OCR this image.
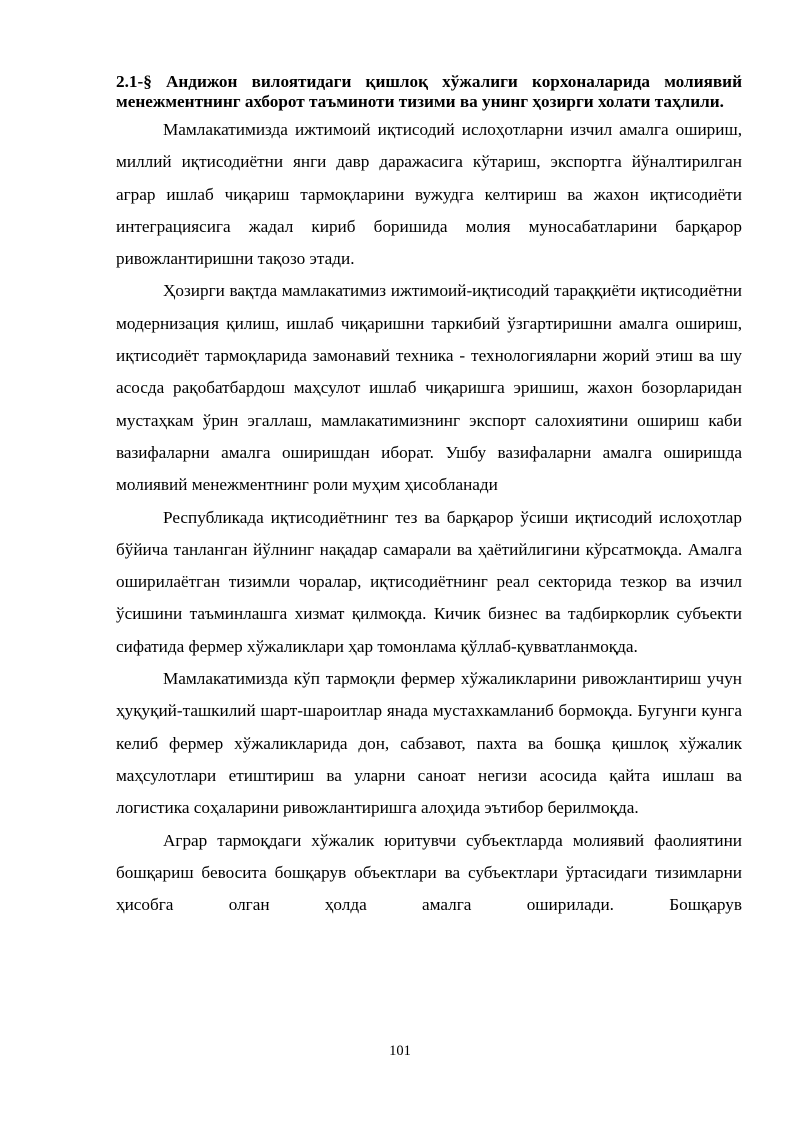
2.1-§ Андижон вилоятидаги қишлоқ хўжалиги корхоналарида молиявий менежментнинг ахборот таъминоти тизими ва унинг ҳозирги холати таҳлили.

Мамлакатимизда ижтимоий иқтисодий ислоҳотларни изчил амалга ошириш, миллий иқтисодиётни янги давр даражасига кўтариш, экспортга йўналтирилган аграр ишлаб чиқариш тармоқларини вужудга келтириш ва жахон иқтисодиёти интеграциясига жадал кириб боришида молия муносабатларини барқарор ривожлантиришни тақозо этади.

Ҳозирги вақтда мамлакатимиз ижтимоий-иқтисодий тараққиёти иқтисодиётни модернизация қилиш, ишлаб чиқаришни таркибий ўзгартиришни амалга ошириш, иқтисодиёт тармоқларида замонавий техника - технологияларни жорий этиш ва шу асосда рақобатбардош маҳсулот ишлаб чиқаришга эришиш, жахон бозорларидан мустаҳкам ўрин эгаллаш, мамлакатимизнинг экспорт салохиятини ошириш каби вазифаларни амалга оширишдан иборат. Ушбу вазифаларни амалга оширишда молиявий менежментнинг роли муҳим ҳисобланади

Республикада иқтисодиётнинг тез ва барқарор ўсиши иқтисодий ислоҳотлар бўйича танланган йўлнинг нақадар самарали ва ҳаётийлигини кўрсатмоқда. Амалга оширилаётган тизимли чоралар, иқтисодиётнинг реал секторида тезкор ва изчил ўсишини таъминлашга хизмат қилмоқда. Кичик бизнес ва тадбиркорлик субъекти сифатида фермер хўжаликлари ҳар томонлама қўллаб-қувватланмоқда.

Мамлакатимизда кўп тармоқли фермер хўжаликларини ривожлантириш учун ҳуқуқий-ташкилий шарт-шароитлар янада мустахкамланиб бормоқда. Бугунги кунга келиб фермер хўжаликларида дон, сабзавот, пахта ва бошқа қишлоқ хўжалик маҳсулотлари етиштириш ва уларни саноат негизи асосида қайта ишлаш ва логистика соҳаларини ривожлантиришга алоҳида эътибор берилмоқда.

Аграр тармоқдаги хўжалик юритувчи субъектларда молиявий фаолиятини бошқариш бевосита бошқарув объектлари ва субъектлари ўртасидаги тизимларни ҳисобга олган ҳолда амалга оширилади. Бошқарув

101
